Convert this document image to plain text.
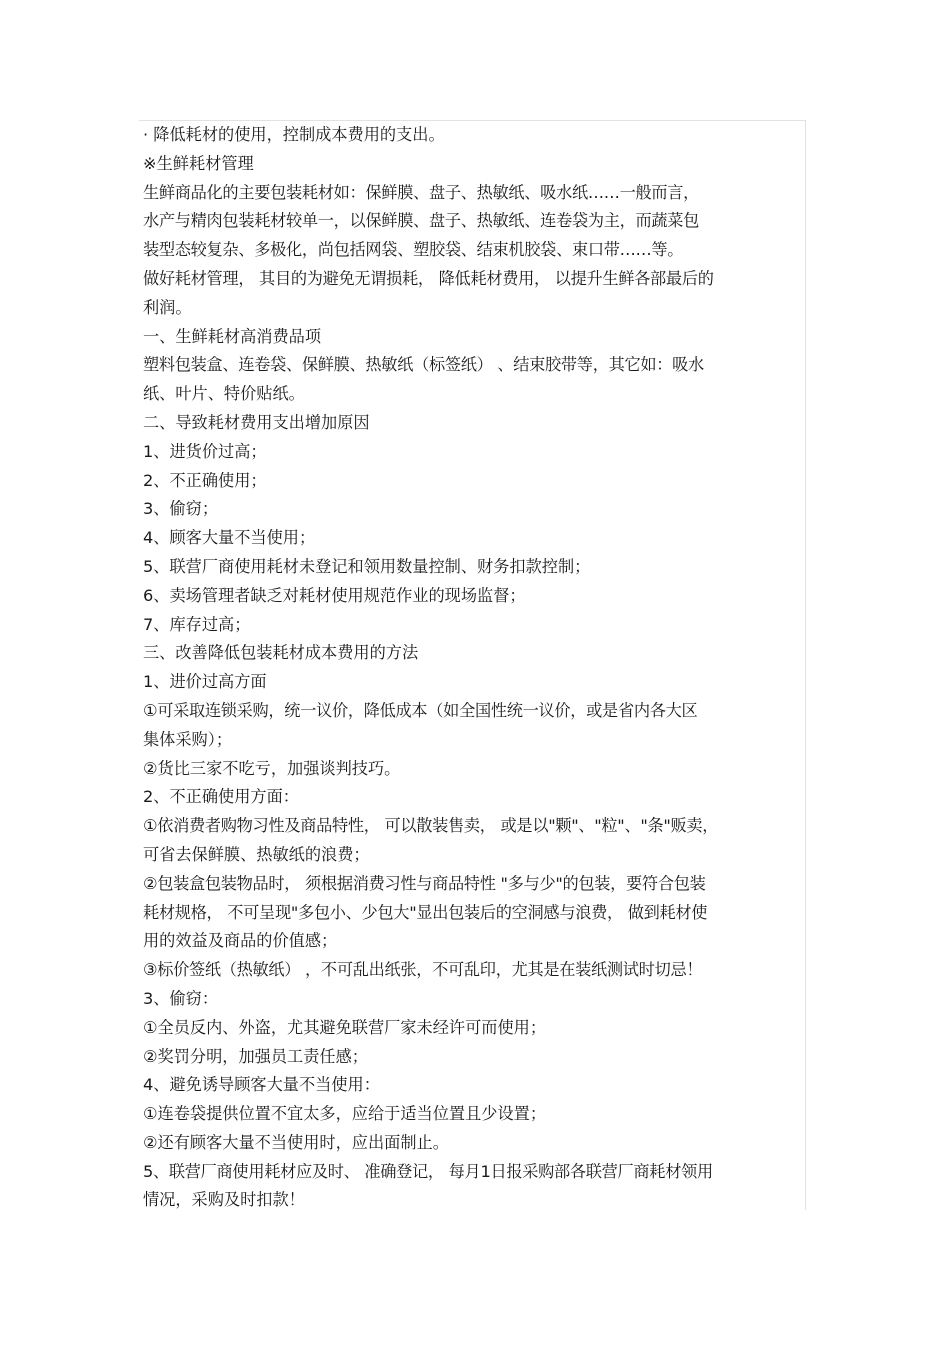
· 降低耗材的使用，控制成本费用的支出。
※生鲜耗材管理
生鲜商品化的主要包装耗材如：保鲜膜、盘子、热敏纸、吸水纸……一般而言，
水产与精肉包装耗材较单一，以保鲜膜、盘子、热敏纸、连卷袋为主，而蔬菜包
装型态较复杂、多极化，尚包括网袋、塑胶袋、结束机胶袋、束口带……等。
做好耗材管理， 其目的为避免无谓损耗， 降低耗材费用， 以提升生鲜各部最后的
利润。
一、生鲜耗材高消费品项
塑料包装盒、连卷袋、保鲜膜、热敏纸（标签纸） 、结束胶带等，其它如：吸水
纸、叶片、特价贴纸。
二、导致耗材费用支出增加原因
1、进货价过高；
2、不正确使用；
3、偷窃；
4、顾客大量不当使用；
5、联营厂商使用耗材未登记和领用数量控制、财务扣款控制；
6、卖场管理者缺乏对耗材使用规范作业的现场监督；
7、库存过高；
三、改善降低包装耗材成本费用的方法
1、进价过高方面
①可采取连锁采购，统一议价，降低成本（如全国性统一议价，或是省内各大区
集体采购）；
②货比三家不吃亏，加强谈判技巧。
2、不正确使用方面：
①依消费者购物习性及商品特性， 可以散装售卖， 或是以"颗"、"粒"、"条"贩卖，
可省去保鲜膜、热敏纸的浪费；
②包装盒包装物品时， 须根据消费习性与商品特性 "多与少"的包装，要符合包装
耗材规格， 不可呈现"多包小、少包大"显出包装后的空洞感与浪费， 做到耗材使
用的效益及商品的价值感；
③标价签纸（热敏纸） ，不可乱出纸张，不可乱印，尤其是在装纸测试时切忌！
3、偷窃：
①全员反内、外盗，尤其避免联营厂家未经许可而使用；
②奖罚分明，加强员工责任感；
4、避免诱导顾客大量不当使用：
①连卷袋提供位置不宜太多，应给于适当位置且少设置；
②还有顾客大量不当使用时，应出面制止。
5、联营厂商使用耗材应及时、 准确登记， 每月1日报采购部各联营厂商耗材领用
情况，采购及时扣款！
